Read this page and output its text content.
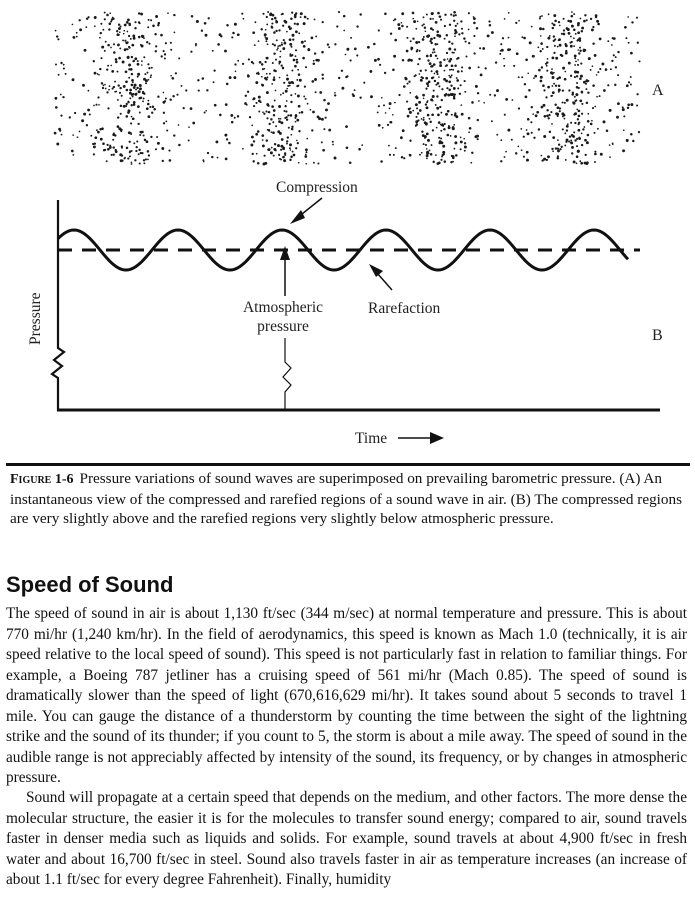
A
Compression
Atmospheric
pressure
Rarefaction
Pressure	B
Time

Figure 1-6 Pressure variations of sound waves are superimposed on prevailing barometric pressure. (A) An instantaneous view of the compressed and rarefied regions of a sound wave in air. (B) The compressed regions are very slightly above and the rarefied regions very slightly below atmospheric pressure.

Speed of Sound

The speed of sound in air is about 1,130 ft/sec (344 m/sec) at normal temperature and pressure. This is about 770 mi/hr (1,240 km/hr). In the field of aerodynamics, this speed is known as Mach 1.0 (technically, it is air speed relative to the local speed of sound). This speed is not particularly fast in relation to familiar things. For example, a Boeing 787 jetliner has a cruising speed of 561 mi/hr (Mach 0.85). The speed of sound is dramatically slower than the speed of light (670,616,629 mi/hr). It takes sound about 5 seconds to travel 1 mile. You can gauge the distance of a thunderstorm by counting the time between the sight of the lightning strike and the sound of its thunder; if you count to 5, the storm is about a mile away. The speed of sound in the audible range is not appreciably affected by intensity of the sound, its frequency, or by changes in atmospheric pressure.

Sound will propagate at a certain speed that depends on the medium, and other factors. The more dense the molecular structure, the easier it is for the molecules to transfer sound energy; compared to air, sound travels faster in denser media such as liquids and solids. For example, sound travels at about 4,900 ft/sec in fresh water and about 16,700 ft/sec in steel. Sound also travels faster in air as temperature increases (an increase of about 1.1 ft/sec for every degree Fahrenheit). Finally, humidity
